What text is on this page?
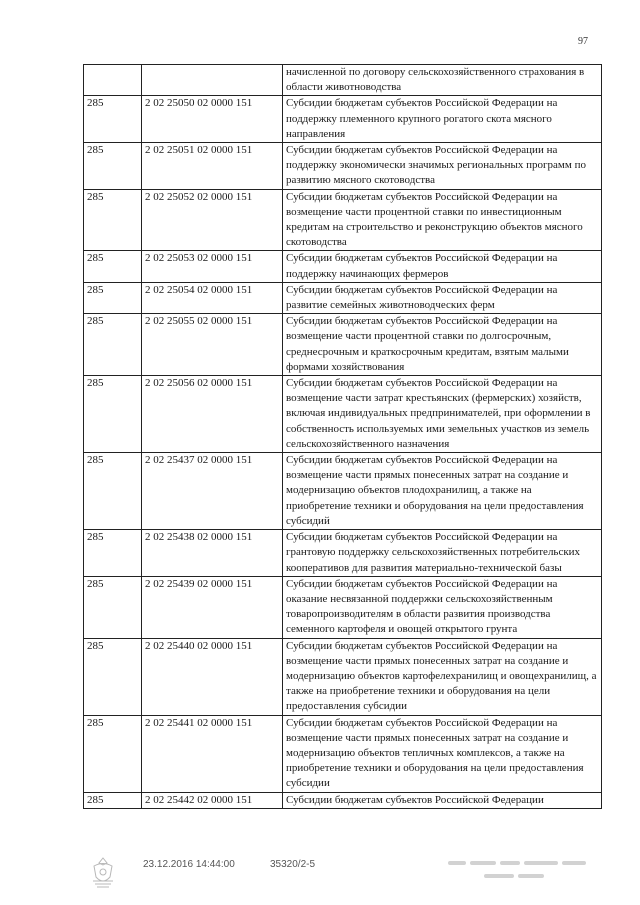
97
		начисленной по договору сельскохозяйственного страхования в области животноводства
285	2 02 25050 02 0000 151	Субсидии бюджетам субъектов Российской Федерации на поддержку племенного крупного рогатого скота мясного направления
285	2 02 25051 02 0000 151	Субсидии бюджетам субъектов Российской Федерации на поддержку экономически значимых региональных программ по развитию мясного скотоводства
285	2 02 25052 02 0000 151	Субсидии бюджетам субъектов Российской Федерации на возмещение части процентной ставки по инвестиционным кредитам на строительство и реконструкцию объектов мясного скотоводства
285	2 02 25053 02 0000 151	Субсидии бюджетам субъектов Российской Федерации на поддержку начинающих фермеров
285	2 02 25054 02 0000 151	Субсидии бюджетам субъектов Российской Федерации на развитие семейных животноводческих ферм
285	2 02 25055 02 0000 151	Субсидии бюджетам субъектов Российской Федерации на возмещение части процентной ставки по долгосрочным, среднесрочным и краткосрочным кредитам, взятым малыми формами хозяйствования
285	2 02 25056 02 0000 151	Субсидии бюджетам субъектов Российской Федерации на возмещение части затрат крестьянских (фермерских) хозяйств, включая индивидуальных предпринимателей, при оформлении в собственность используемых ими земельных участков из земель сельскохозяйственного назначения
285	2 02 25437 02 0000 151	Субсидии бюджетам субъектов Российской Федерации на возмещение части прямых понесенных затрат на создание и модернизацию объектов плодохранилищ, а также на приобретение техники и оборудования на цели предоставления субсидий
285	2 02 25438 02 0000 151	Субсидии бюджетам субъектов Российской Федерации на грантовую поддержку сельскохозяйственных потребительских кооперативов для развития материально-технической базы
285	2 02 25439 02 0000 151	Субсидии бюджетам субъектов Российской Федерации на оказание несвязанной поддержки сельскохозяйственным товаропроизводителям в области развития производства семенного картофеля и овощей открытого грунта
285	2 02 25440 02 0000 151	Субсидии бюджетам субъектов Российской Федерации на возмещение части прямых понесенных затрат на создание и модернизацию объектов картофелехранилищ и овощехранилищ, а также на приобретение техники и оборудования на цели предоставления субсидии
285	2 02 25441 02 0000 151	Субсидии бюджетам субъектов Российской Федерации на возмещение части прямых понесенных затрат на создание и модернизацию объектов тепличных комплексов, а также на приобретение техники и оборудования на цели предоставления субсидии
285	2 02 25442 02 0000 151	Субсидии бюджетам субъектов Российской Федерации
23.12.2016 14:44:00	35320/2-5
